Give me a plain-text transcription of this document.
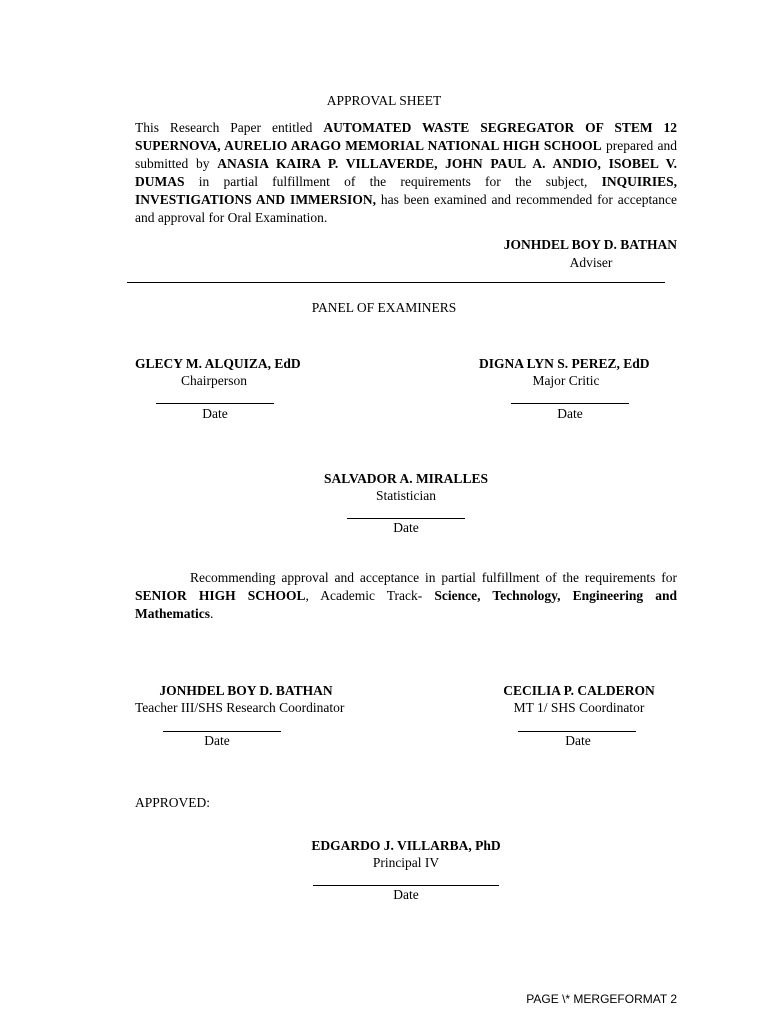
APPROVAL SHEET
This Research Paper entitled AUTOMATED WASTE SEGREGATOR OF STEM 12 SUPERNOVA, AURELIO ARAGO MEMORIAL NATIONAL HIGH SCHOOL prepared and submitted by ANASIA KAIRA P. VILLAVERDE, JOHN PAUL A. ANDIO, ISOBEL V. DUMAS in partial fulfillment of the requirements for the subject, INQUIRIES, INVESTIGATIONS AND IMMERSION, has been examined and recommended for acceptance and approval for Oral Examination.
JONHDEL BOY D. BATHAN
Adviser
PANEL OF EXAMINERS
GLECY M. ALQUIZA, EdD
Chairperson
Date
DIGNA LYN S. PEREZ, EdD
Major Critic
Date
SALVADOR A. MIRALLES
Statistician
Date
Recommending approval and acceptance in partial fulfillment of the requirements for SENIOR HIGH SCHOOL, Academic Track- Science, Technology, Engineering and Mathematics.
JONHDEL BOY D. BATHAN
Teacher III/SHS Research Coordinator
Date
CECILIA P. CALDERON
MT 1/ SHS Coordinator
Date
APPROVED:
EDGARDO J. VILLARBA, PhD
Principal IV
Date
PAGE \* MERGEFORMAT 2
